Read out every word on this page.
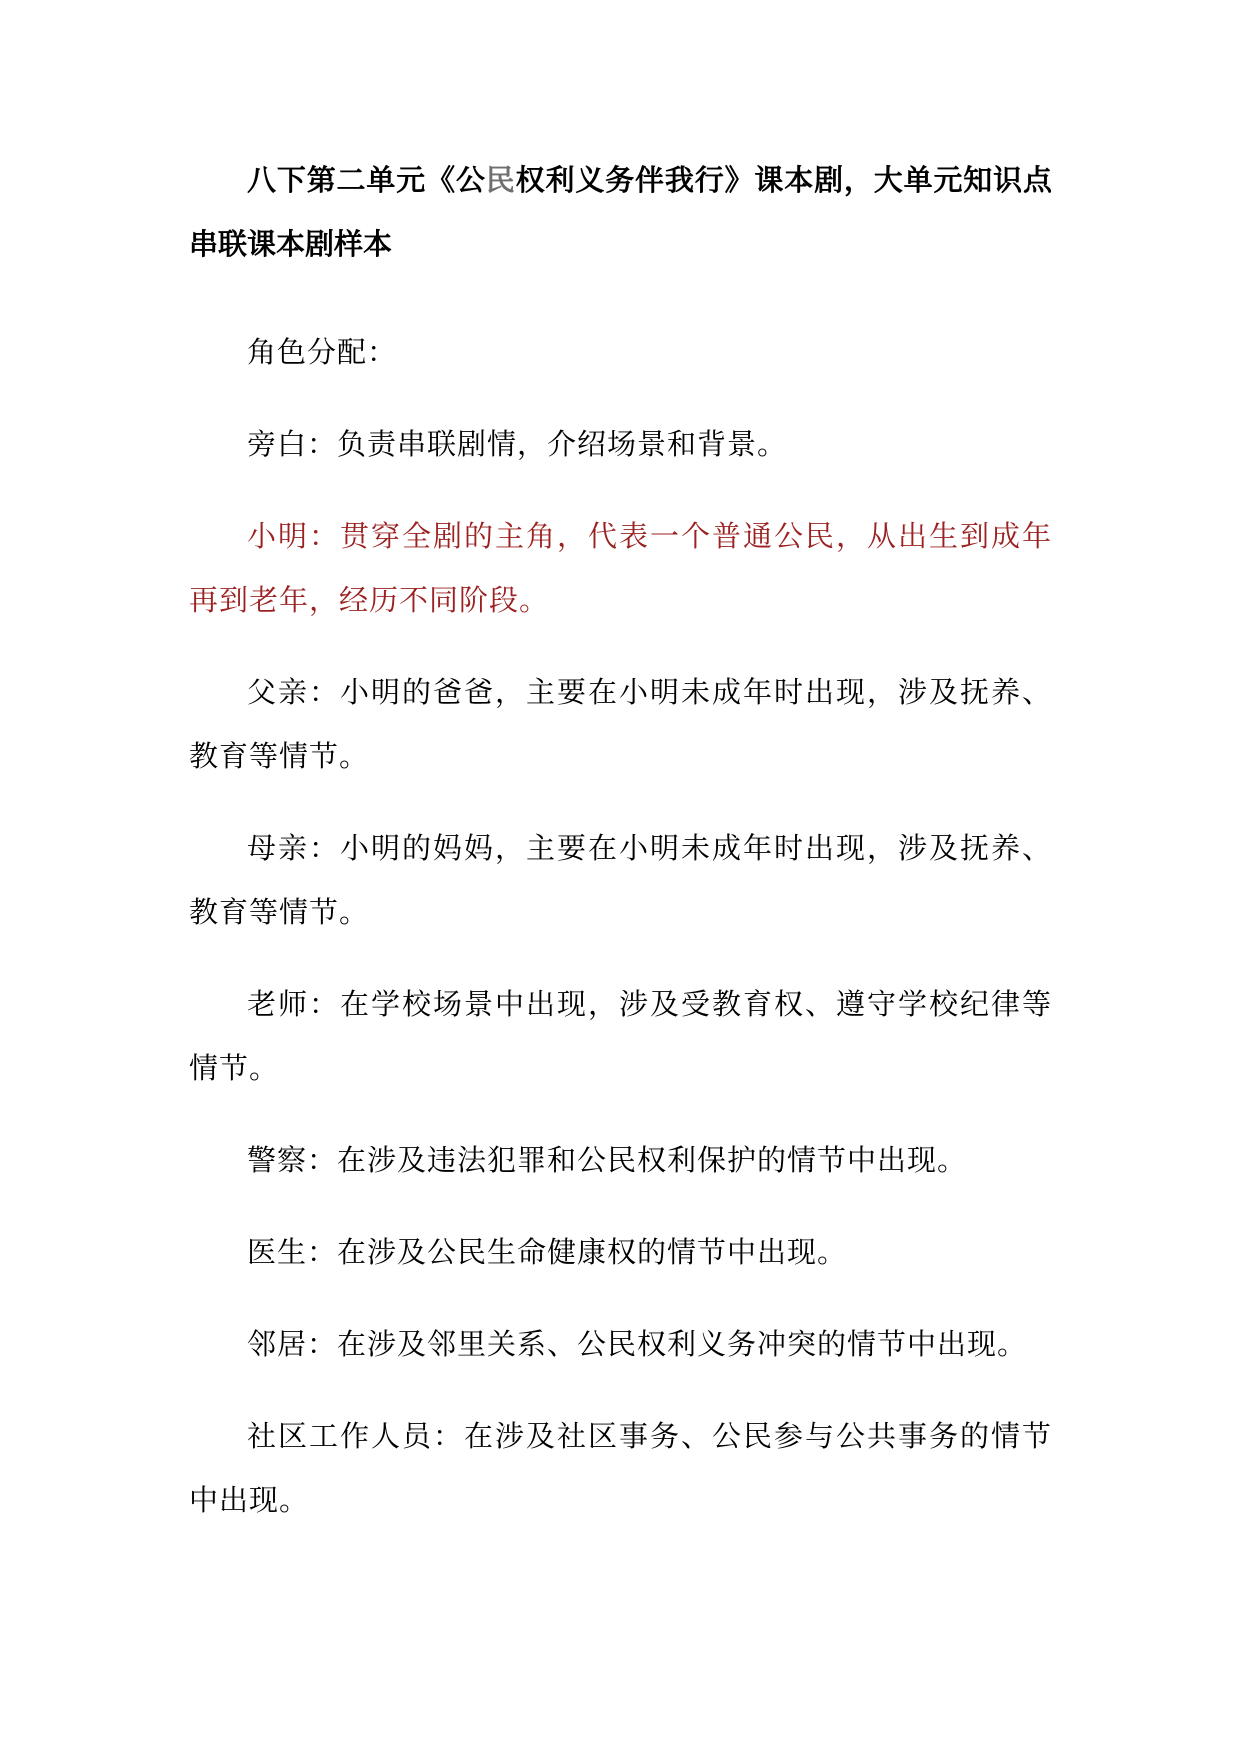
八下第二单元《公民权利义务伴我行》课本剧，大单元知识点串联课本剧样本

角色分配：

旁白：负责串联剧情，介绍场景和背景。

小明：贯穿全剧的主角，代表一个普通公民，从出生到成年再到老年，经历不同阶段。

父亲：小明的爸爸，主要在小明未成年时出现，涉及抚养、教育等情节。

母亲：小明的妈妈，主要在小明未成年时出现，涉及抚养、教育等情节。

老师：在学校场景中出现，涉及受教育权、遵守学校纪律等情节。

警察：在涉及违法犯罪和公民权利保护的情节中出现。

医生：在涉及公民生命健康权的情节中出现。

邻居：在涉及邻里关系、公民权利义务冲突的情节中出现。

社区工作人员：在涉及社区事务、公民参与公共事务的情节中出现。
